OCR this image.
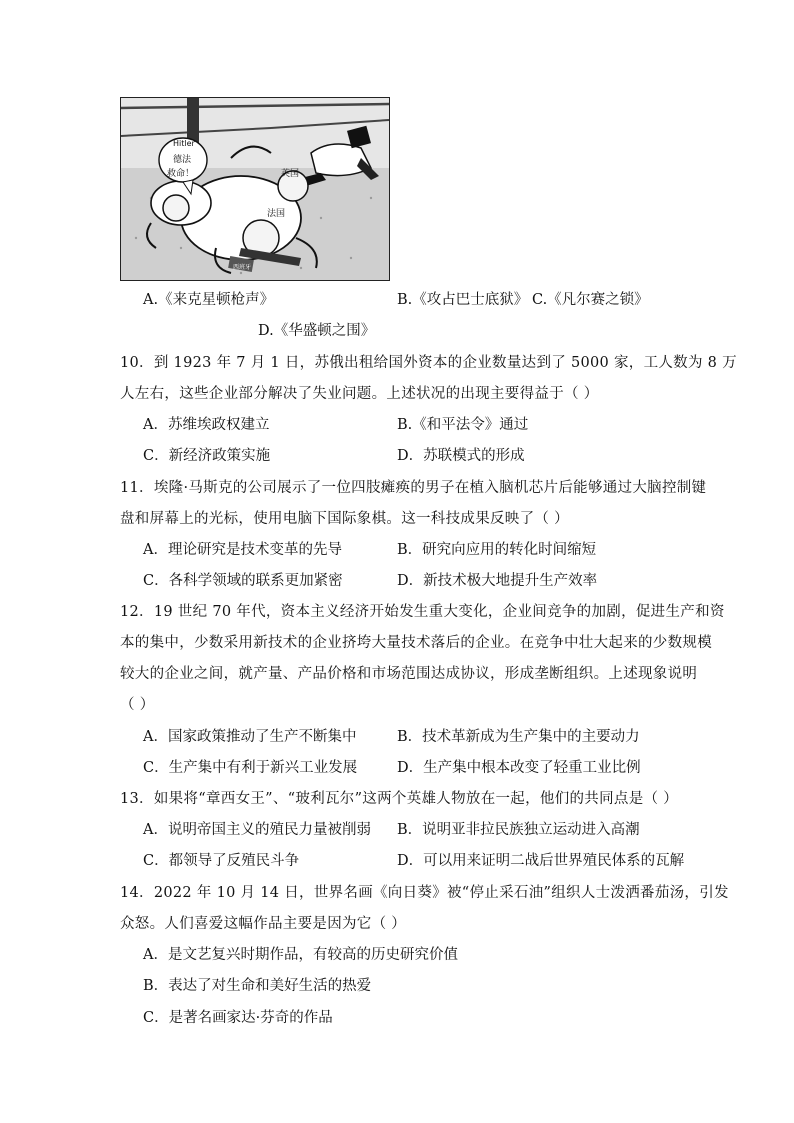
Hitler
德法
救命！	英国
法国
西班牙
A.《来克星顿枪声》	B.《攻占巴士底狱》 C.《凡尔赛之锁》
D.《华盛顿之围》
10．到 1923 年 7 月 1 日，苏俄出租给国外资本的企业数量达到了 5000 家，工人数为 8 万
人左右，这些企业部分解决了失业问题。上述状况的出现主要得益于（ ）
A．苏维埃政权建立	B.《和平法令》通过
C．新经济政策实施	D．苏联模式的形成
11．埃隆·马斯克的公司展示了一位四肢瘫痪的男子在植入脑机芯片后能够通过大脑控制键
盘和屏幕上的光标，使用电脑下国际象棋。这一科技成果反映了（ ）
A．理论研究是技术变革的先导	B．研究向应用的转化时间缩短
C．各科学领域的联系更加紧密	D．新技术极大地提升生产效率
12．19 世纪 70 年代，资本主义经济开始发生重大变化，企业间竞争的加剧，促进生产和资
本的集中，少数采用新技术的企业挤垮大量技术落后的企业。在竞争中壮大起来的少数规模
较大的企业之间，就产量、产品价格和市场范围达成协议，形成垄断组织。上述现象说明
（ ）
A．国家政策推动了生产不断集中	B．技术革新成为生产集中的主要动力
C．生产集中有利于新兴工业发展	D．生产集中根本改变了轻重工业比例
13．如果将“章西女王”、“玻利瓦尔”这两个英雄人物放在一起，他们的共同点是（ ）
A．说明帝国主义的殖民力量被削弱 B．说明亚非拉民族独立运动进入高潮
C．都领导了反殖民斗争	D．可以用来证明二战后世界殖民体系的瓦解
14．2022 年 10 月 14 日，世界名画《向日葵》被“停止采石油”组织人士泼洒番茄汤，引发
众怒。人们喜爱这幅作品主要是因为它（ ）
A．是文艺复兴时期作品，有较高的历史研究价值
B．表达了对生命和美好生活的热爱
C．是著名画家达·芬奇的作品
